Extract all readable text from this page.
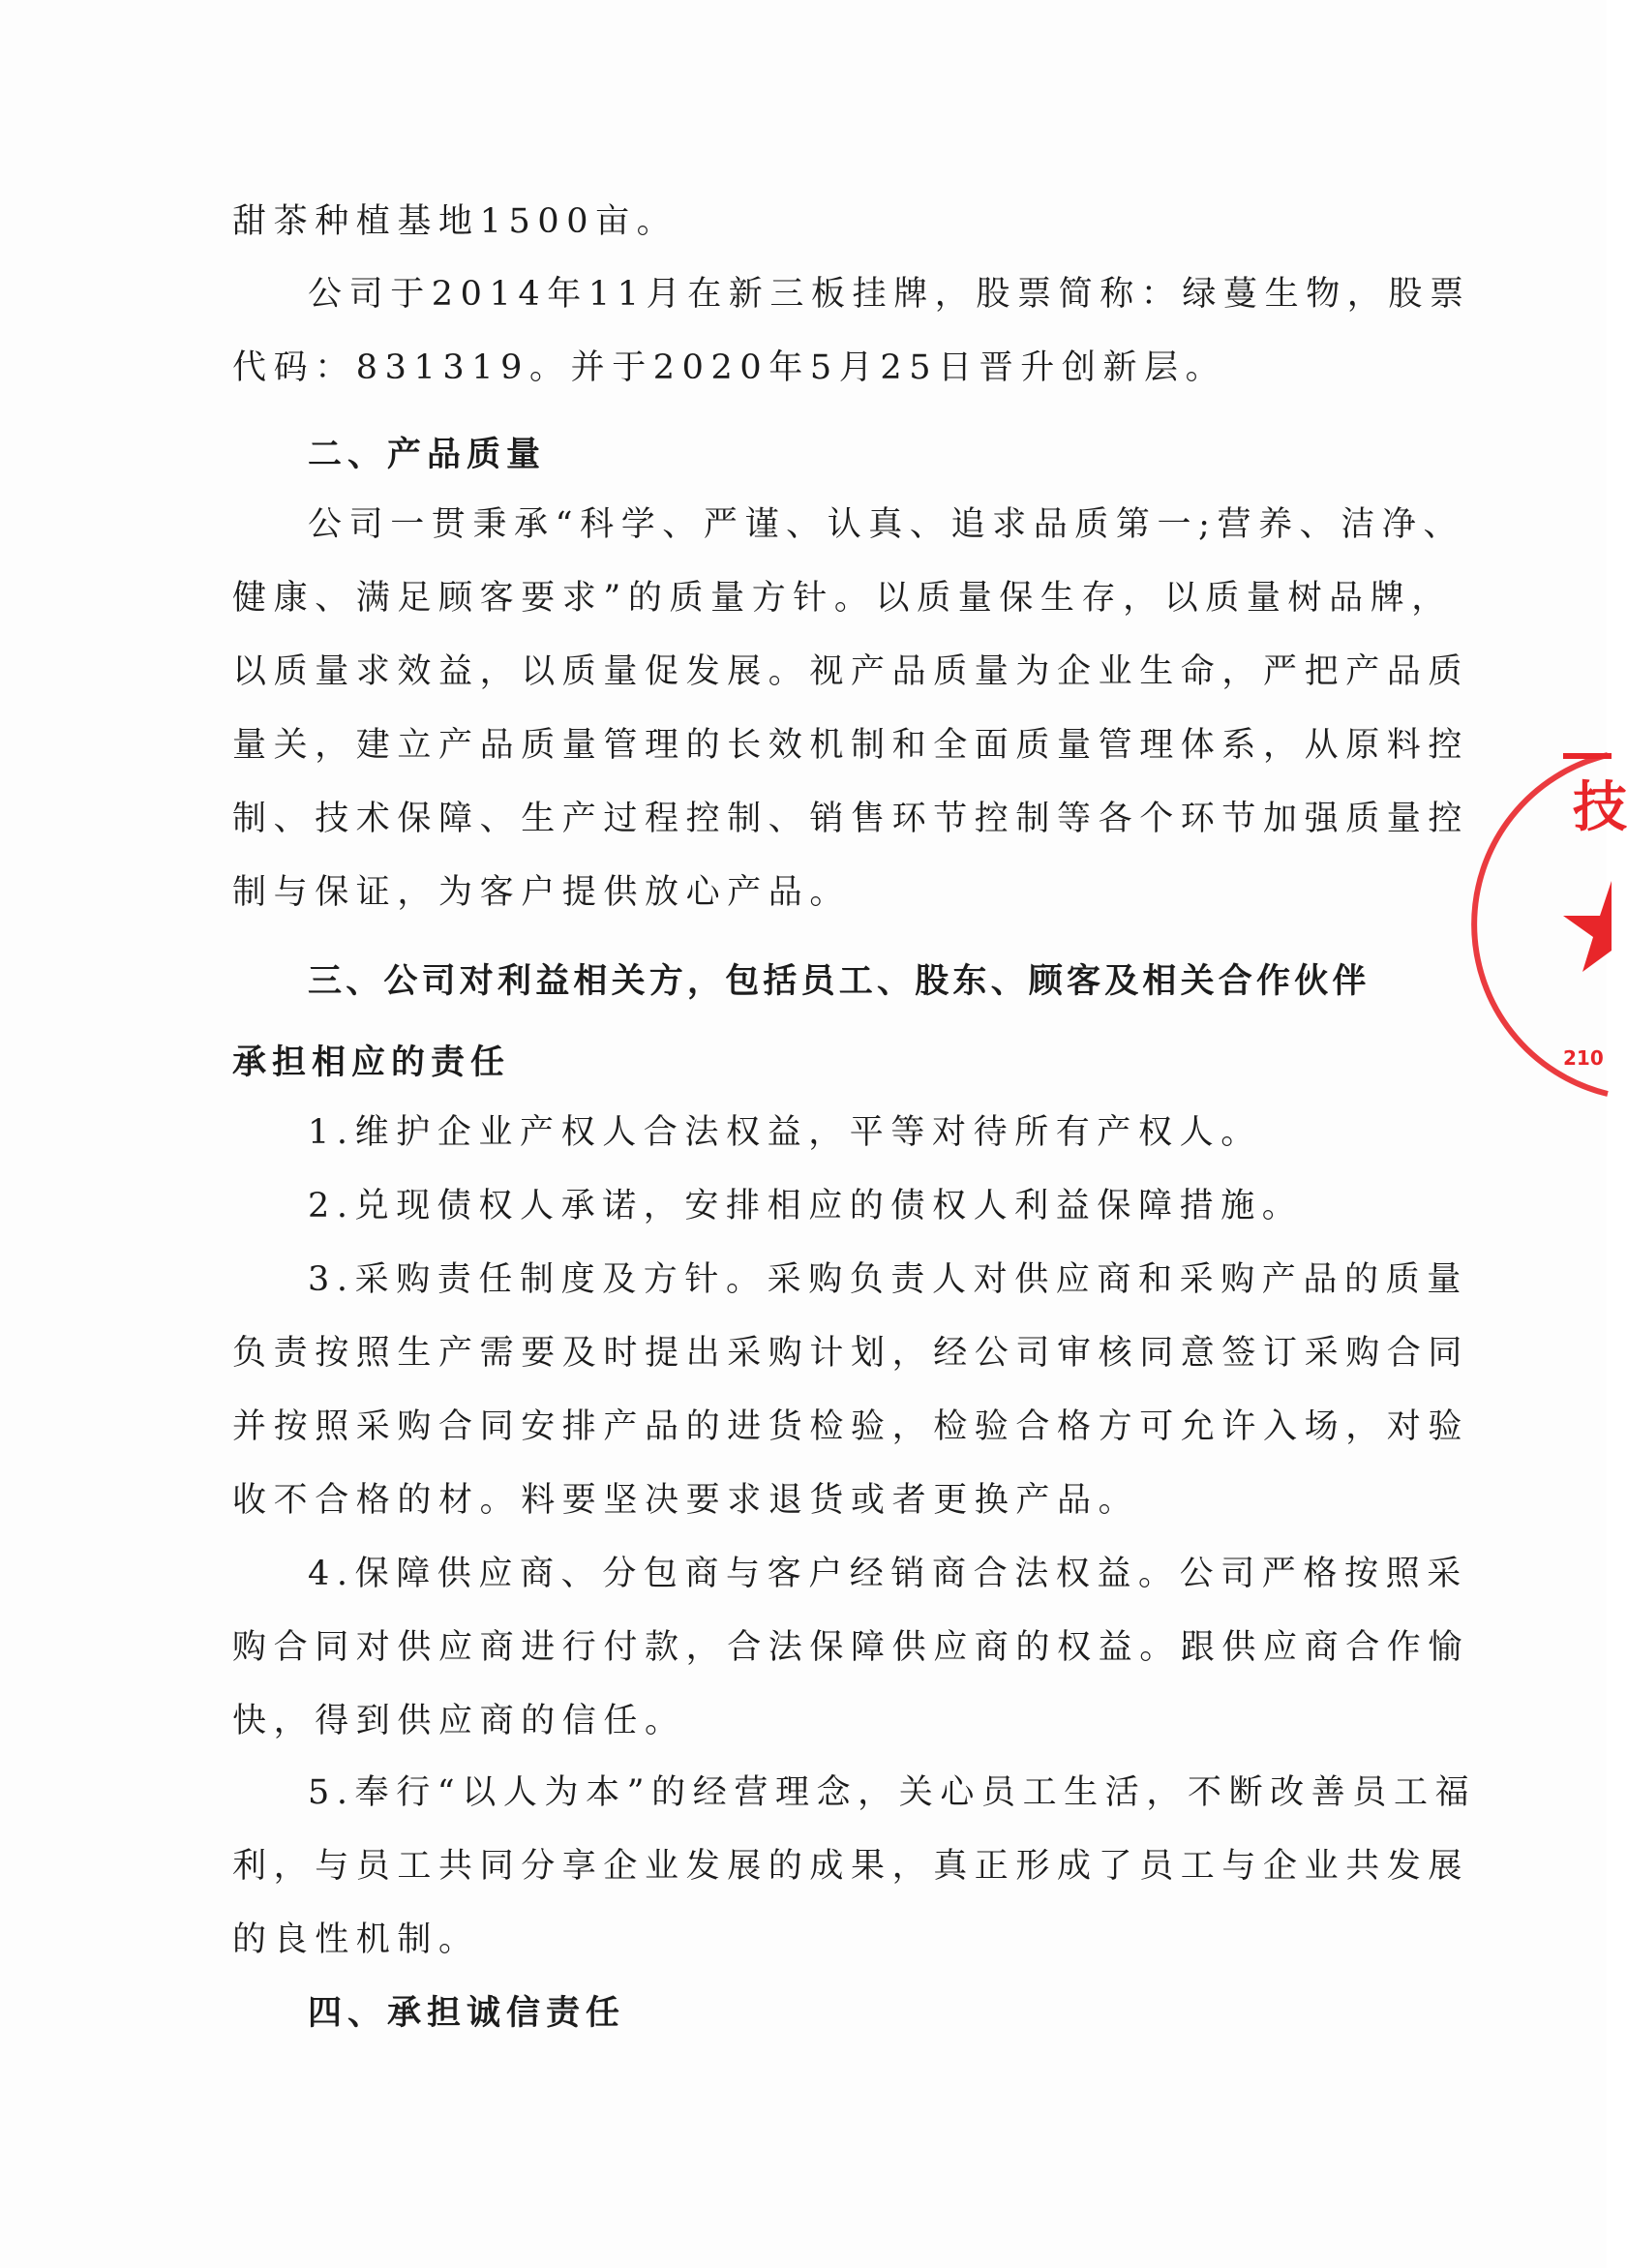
甜茶种植基地1500亩。
公司于2014年11月在新三板挂牌，股票简称：绿蔓生物，股票
代码：831319。并于2020年5月25日晋升创新层。
二、产品质量
公司一贯秉承“科学、严谨、认真、追求品质第一;营养、洁净、
健康、满足顾客要求”的质量方针。以质量保生存，以质量树品牌，
以质量求效益，以质量促发展。视产品质量为企业生命，严把产品质
量关，建立产品质量管理的长效机制和全面质量管理体系，从原料控
制、技术保障、生产过程控制、销售环节控制等各个环节加强质量控
制与保证，为客户提供放心产品。
三、公司对利益相关方，包括员工、股东、顾客及相关合作伙伴
承担相应的责任
1.维护企业产权人合法权益，平等对待所有产权人。
2.兑现债权人承诺，安排相应的债权人利益保障措施。
3.采购责任制度及方针。采购负责人对供应商和采购产品的质量
负责按照生产需要及时提出采购计划，经公司审核同意签订采购合同
并按照采购合同安排产品的进货检验，检验合格方可允许入场，对验
收不合格的材。料要坚决要求退货或者更换产品。
4.保障供应商、分包商与客户经销商合法权益。公司严格按照采
购合同对供应商进行付款，合法保障供应商的权益。跟供应商合作愉
快，得到供应商的信任。
5.奉行“以人为本”的经营理念，关心员工生活，不断改善员工福
利，与员工共同分享企业发展的成果，真正形成了员工与企业共发展
的良性机制。
四、承担诚信责任
210
技
